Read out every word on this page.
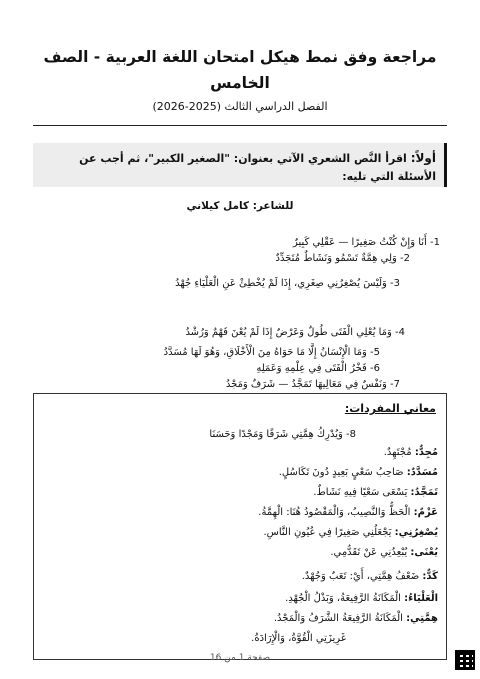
مراجعة وفق نمط هيكل امتحان اللغة العربية - الصف الخامس
الفصل الدراسي الثالث (2025-2026)
أولاً: اقرأ النَّص الشعري الآتي بعنوان: "الصغير الكبير"، ثم أجب عن الأسئلة التي تليه:
للشاعر: كامل كيلاني
1- أَنَا وَإِنْ كُنْتُ صَغِيرًا — عَقْلِي كَبِيرٌ
2- وَلِي هِمَّةٌ تَسْمُو وَنَشَاطٌ مُتَجَدِّدٌ
3- وَلَيْسَ يُصْغِرُنِي صِغَرِي، إِذَا لَمْ يُخْطِئْ عَنِ الْعَلْيَاءِ جُهْدُ
4- وَمَا يُعْلِي الْفَتَى طُولٌ وَعَرْضٌ إِذَا لَمْ يُعْنَ فَهْمٌ وَرُشْدُ
5- وَمَا الْإِنْسَانُ إِلَّا مَا حَوَاهُ مِنَ الْأَخْلَاقِ، وَهُوَ لَهَا مُسَدَّدُ
6- فَخْرُ الْفَتَى فِي عِلْمِهِ وَعَمَلِهِ
7- وَنَفْسٌ فِي مَعَالِيهَا تَمَجَّدُ — شَرَفٌ وَمَجْدُ
معاني المفردات:
8- وَيُدْرِكُ هِمَّتِي شَرَفًا وَمَجْدًا وَحَسَنَا
مُجِدٌّ: مُجْتَهِدٌ.
مُسَدَّدٌ: صَاحِبُ سَعْيٍ بَعِيدٍ دُونَ تَكَاسُلٍ.
تَمَجَّدُ: يَسْعَى سَعْيًا فِيهِ نَشَاطٌ.
عَزْمٌ: الْحَظُّ وَالنَّصِيبُ، وَالْمَقْصُودُ هُنَا: الْهِمَّةُ.
يُصْغِرُنِي: يَجْعَلُنِي صَغِيرًا فِي عُيُونِ النَّاسِ.
يُعْنَى: يُبْعِدُنِي عَنْ تَقَدُّمِي.
كَدٌّ: ضَعْفُ هِمَّتِي، أَيْ: تَعَبٌ وَجُهْدٌ.
الْعَلْيَاءُ: الْمَكَانَةُ الرَّفِيعَةُ، وَبَذْلُ الْجُهْدِ.
هِمَّتِي: الْمَكَانَةُ الرَّفِيعَةُ الشَّرَفُ وَالْمَجْدُ.
غَرِيزَتِي الْقُوَّةُ، وَالْإِرَادَةُ.
صفحة 1 من 16
